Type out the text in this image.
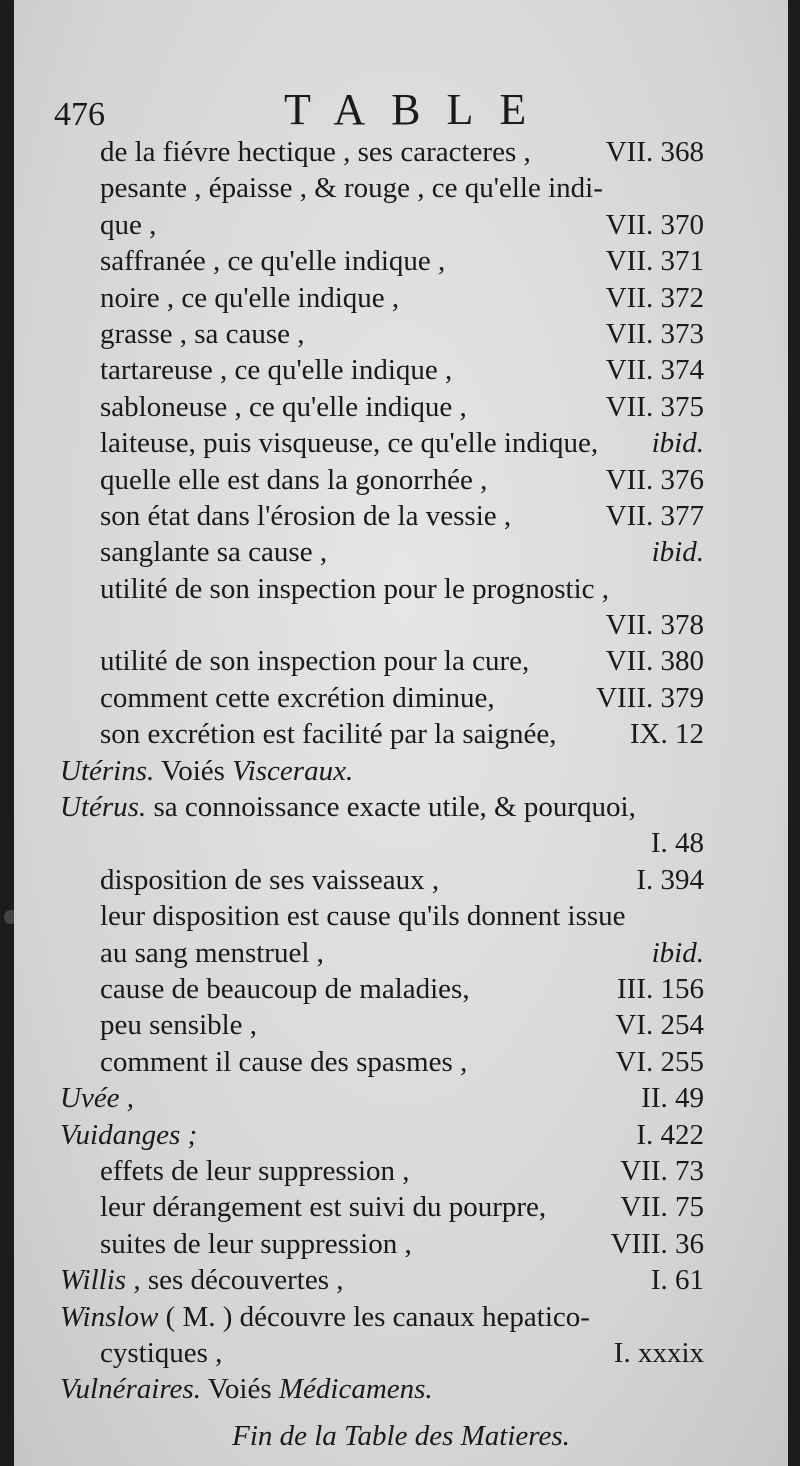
476	TABLE
de la fiévre hectique , ses caracteres ,	VII. 368
pesante , épaisse , & rouge , ce qu'elle indi-
que ,	VII. 370
saffranée , ce qu'elle indique ,	VII. 371
noire , ce qu'elle indique ,	VII. 372
grasse , sa cause ,	VII. 373
tartareuse , ce qu'elle indique ,	VII. 374
sabloneuse , ce qu'elle indique ,	VII. 375
laiteuse, puis visqueuse, ce qu'elle indique, ibid.
quelle elle est dans la gonorrhée ,	VII. 376
son état dans l'érosion de la vessie ,	VII. 377
sanglante sa cause ,	ibid.
utilité de son inspection pour le prognostic ,
VII. 378
utilité de son inspection pour la cure,	VII. 380
comment cette excrétion diminue,	VIII. 379
son excrétion est facilité par la saignée,	IX. 12
Utérins. Voiés Visceraux.
Utérus. sa connoissance exacte utile, & pourquoi,
I. 48
disposition de ses vaisseaux ,	I. 394
leur disposition est cause qu'ils donnent issue
au sang menstruel ,	ibid.
cause de beaucoup de maladies,	III. 156
peu sensible ,	VI. 254
comment il cause des spasmes ,	VI. 255
Uvée ,	II. 49
Vuidanges ;	I. 422
effets de leur suppression ,	VII. 73
leur dérangement est suivi du pourpre,	VII. 75
suites de leur suppression ,	VIII. 36
Willis , ses découvertes ,	I. 61
Winslow ( M. ) découvre les canaux hepatico-
cystiques ,	I. xxxix
Vulnéraires. Voiés Médicamens.
Fin de la Table des Matieres.
